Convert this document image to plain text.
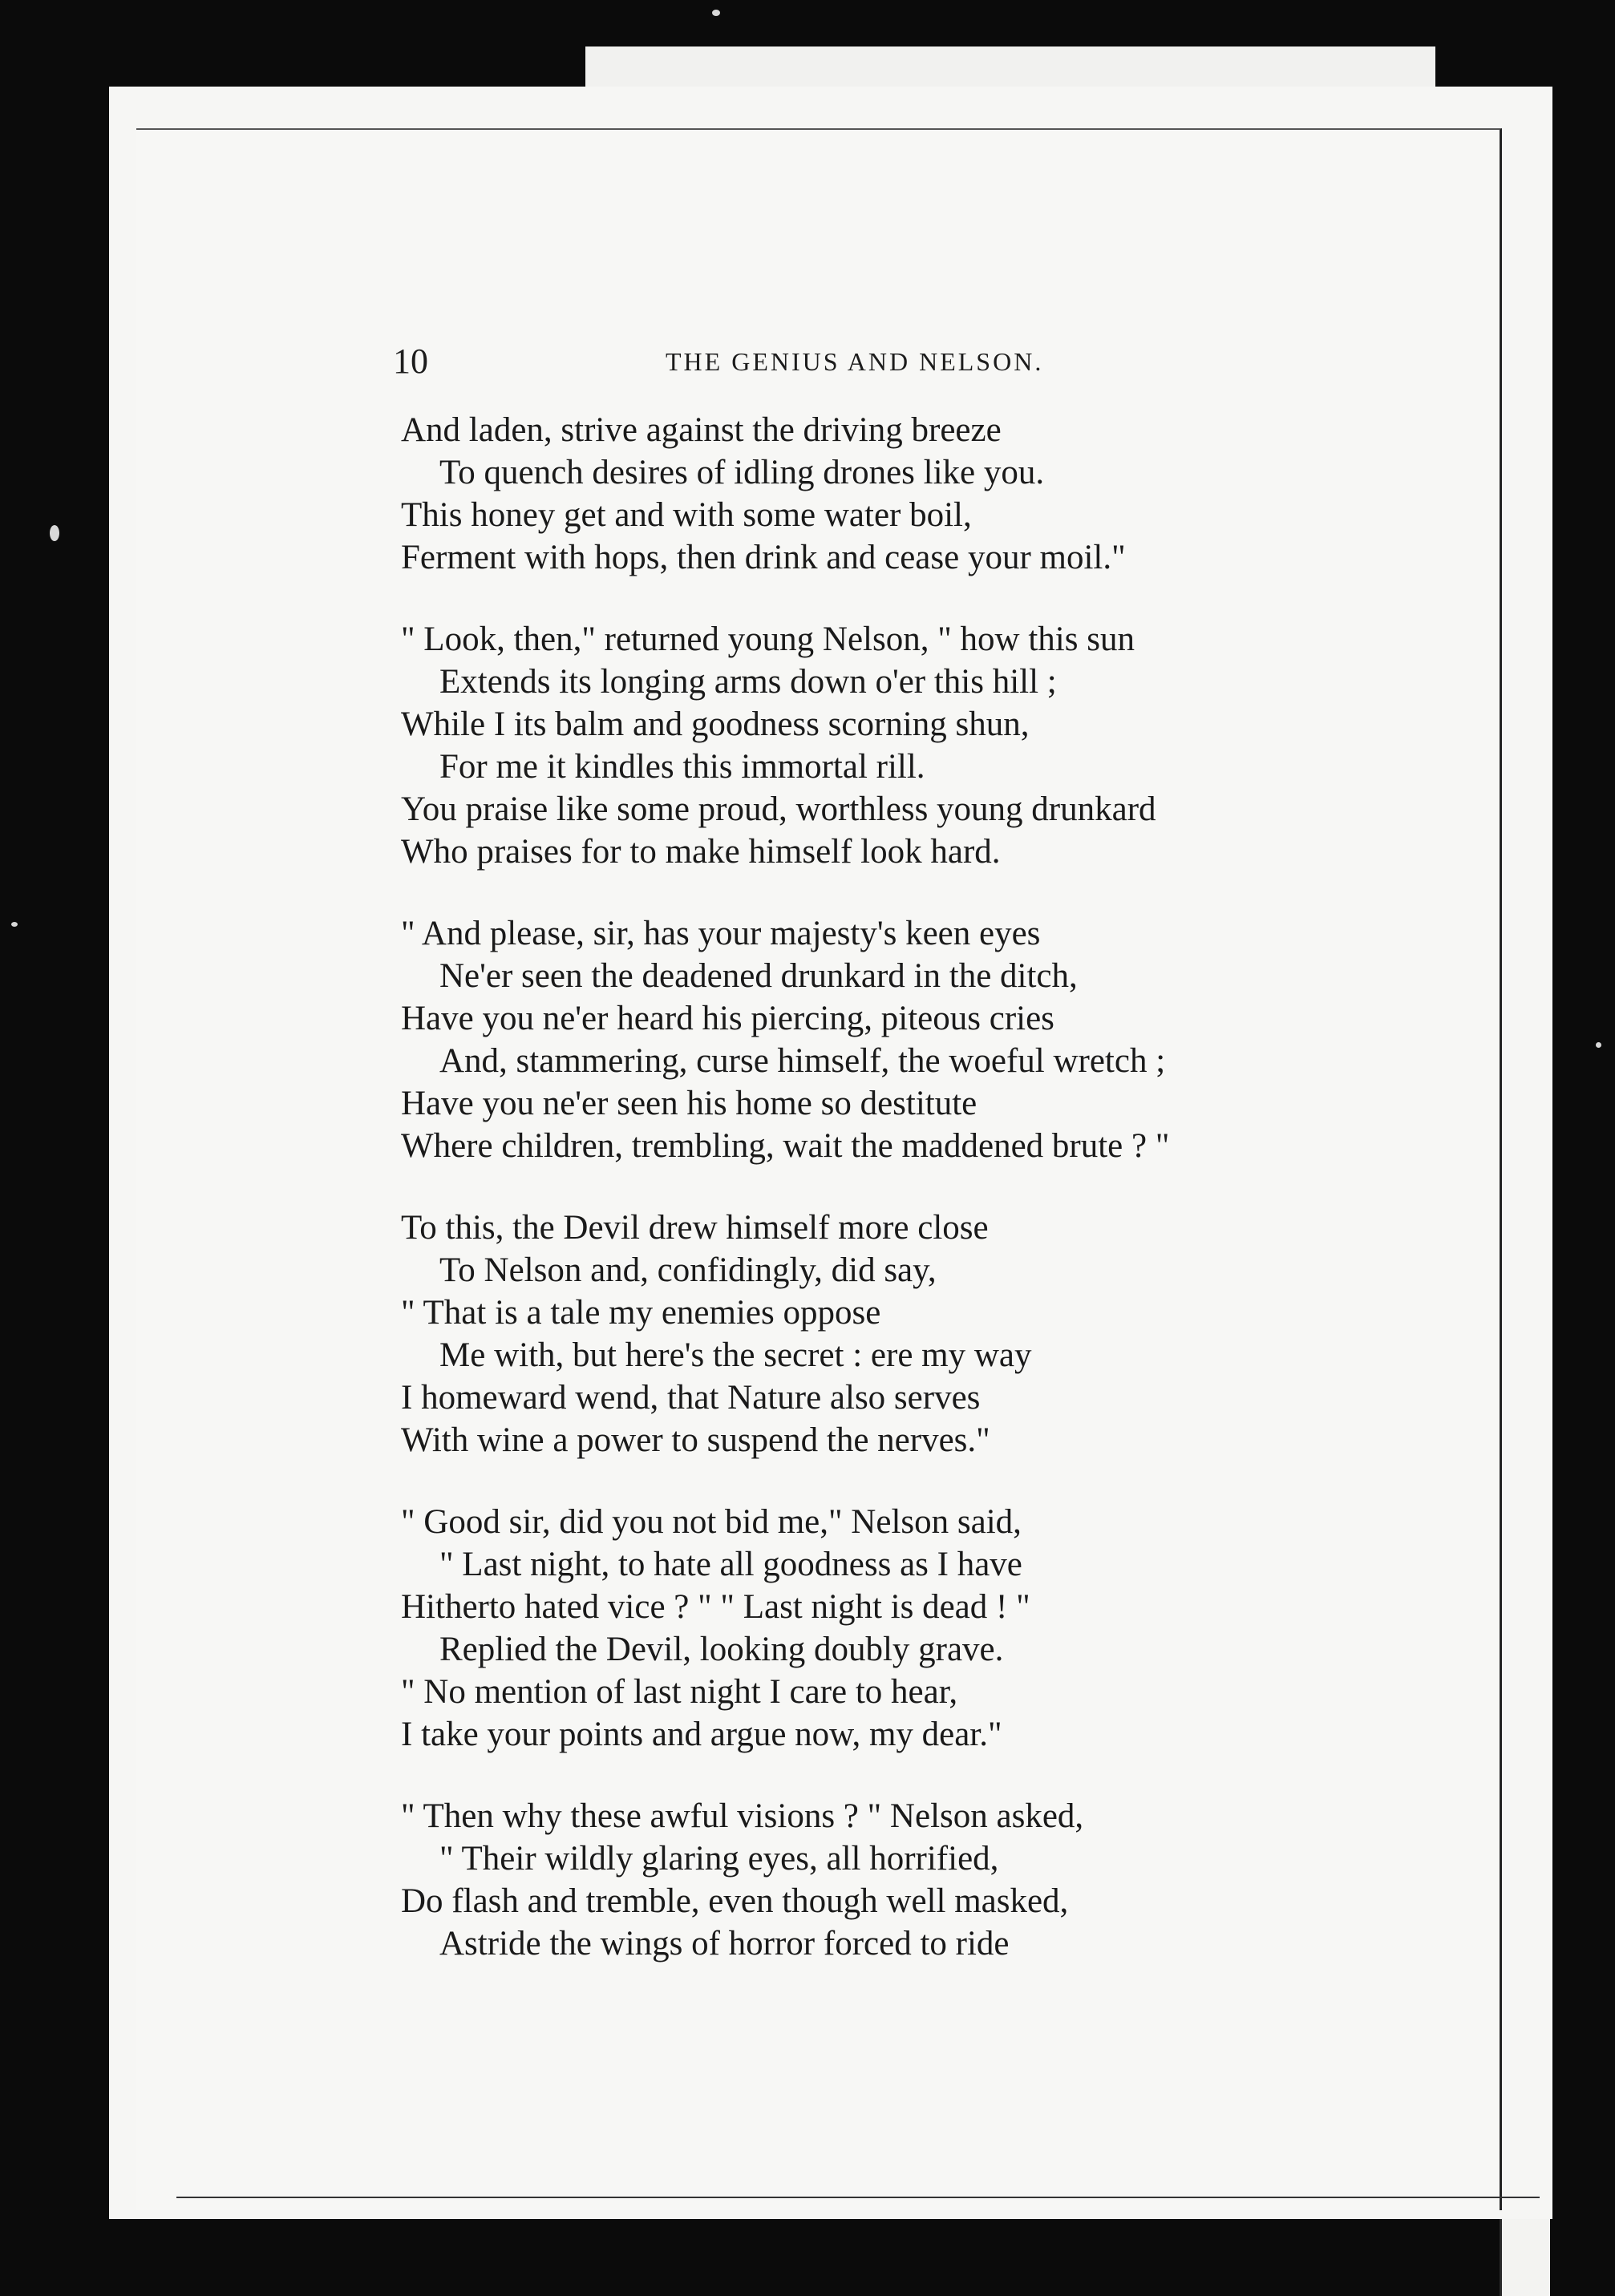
10	THE GENIUS AND NELSON.
And laden, strive against the driving breeze
To quench desires of idling drones like you.
This honey get and with some water boil,
Ferment with hops, then drink and cease your moil."
" Look, then," returned young Nelson, " how this sun
Extends its longing arms down o'er this hill ;
While I its balm and goodness scorning shun,
For me it kindles this immortal rill.
You praise like some proud, worthless young drunkard
Who praises for to make himself look hard.
" And please, sir, has your majesty's keen eyes
Ne'er seen the deadened drunkard in the ditch,
Have you ne'er heard his piercing, piteous cries
And, stammering, curse himself, the woeful wretch ;
Have you ne'er seen his home so destitute
Where children, trembling, wait the maddened brute ? "
To this, the Devil drew himself more close
To Nelson and, confidingly, did say,
" That is a tale my enemies oppose
Me with, but here's the secret : ere my way
I homeward wend, that Nature also serves
With wine a power to suspend the nerves."
" Good sir, did you not bid me," Nelson said,
" Last night, to hate all goodness as I have
Hitherto hated vice ? " " Last night is dead ! "
Replied the Devil, looking doubly grave.
" No mention of last night I care to hear,
I take your points and argue now, my dear."
" Then why these awful visions ? " Nelson asked,
" Their wildly glaring eyes, all horrified,
Do flash and tremble, even though well masked,
Astride the wings of horror forced to ride
